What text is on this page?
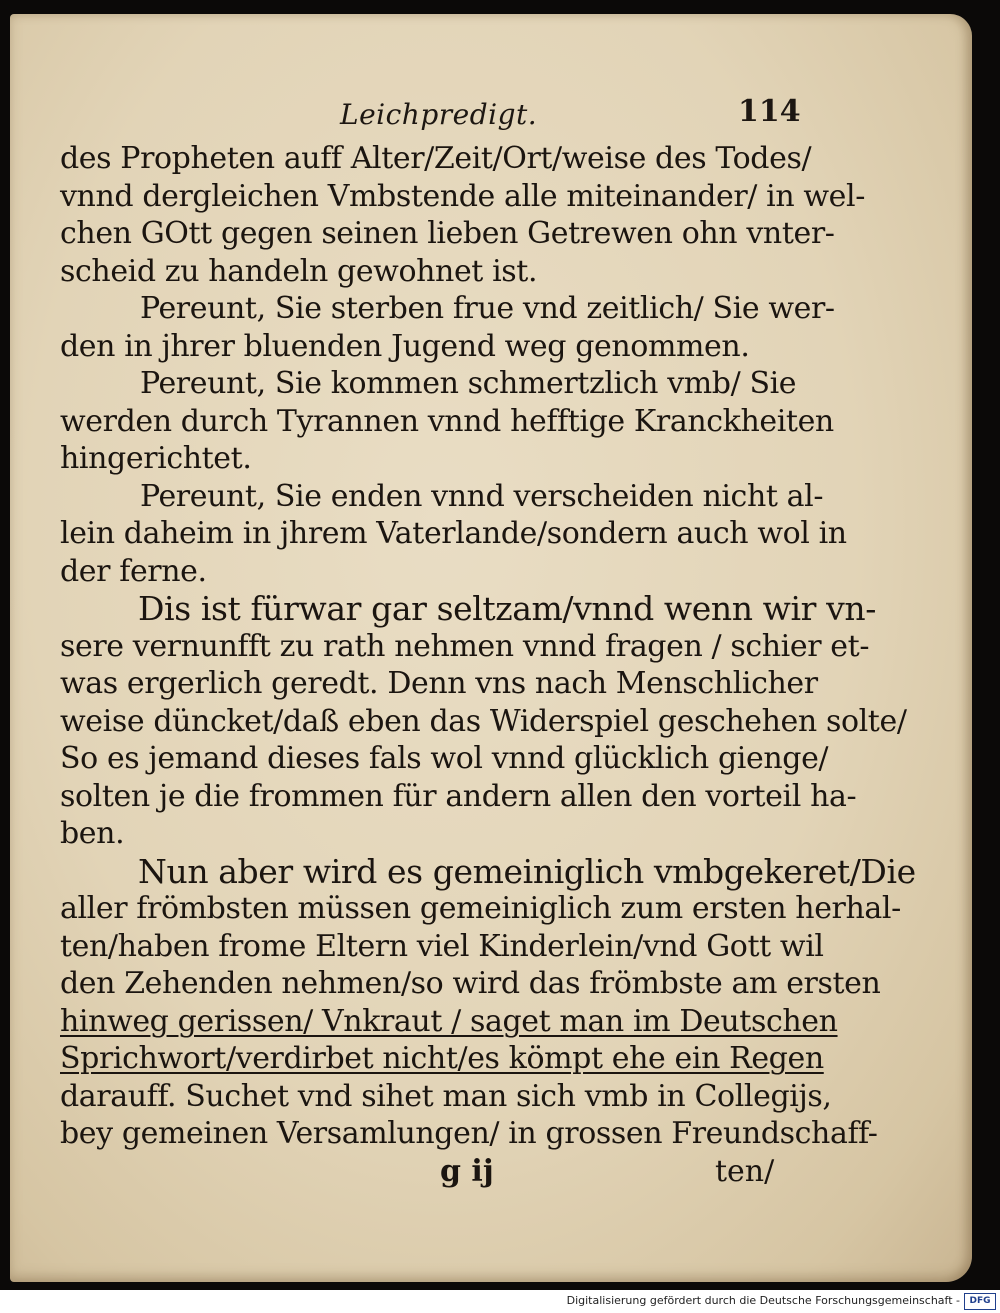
Leichpredigt.	114
des Propheten auff Alter/Zeit/Ort/weise des Todes/
vnnd dergleichen Vmbstende alle miteinander/ in wel-
chen GOtt gegen seinen lieben Getrewen ohn vnter-
scheid zu handeln gewohnet ist.
Pereunt, Sie sterben frue vnd zeitlich/ Sie wer-
den in jhrer bluenden Jugend weg genommen.
Pereunt, Sie kommen schmertzlich vmb/ Sie
werden durch Tyrannen vnnd hefftige Kranckheiten
hingerichtet.
Pereunt, Sie enden vnnd verscheiden nicht al-
lein daheim in jhrem Vaterlande/sondern auch wol in
der ferne.
Dis ist fürwar gar seltzam/vnnd wenn wir vn-
sere vernunfft zu rath nehmen vnnd fragen / schier et-
was ergerlich geredt. Denn vns nach Menschlicher
weise düncket/daß eben das Widerspiel geschehen solte/
So es jemand dieses fals wol vnnd glücklich gienge/
solten je die frommen für andern allen den vorteil ha-
ben.
Nun aber wird es gemeiniglich vmbgekeret/Die
aller frömbsten müssen gemeiniglich zum ersten herhal-
ten/haben frome Eltern viel Kinderlein/vnd Gott wil
den Zehenden nehmen/so wird das frömbste am ersten
hinweg gerissen/ Vnkraut / saget man im Deutschen
Sprichwort/verdirbet nicht/es kömpt ehe ein Regen
darauff. Suchet vnd sihet man sich vmb in Collegijs,
bey gemeinen Versamlungen/ in grossen Freundschaff-
g ij	ten/
Digitalisierung gefördert durch die Deutsche Forschungsgemeinschaft -	DFG
